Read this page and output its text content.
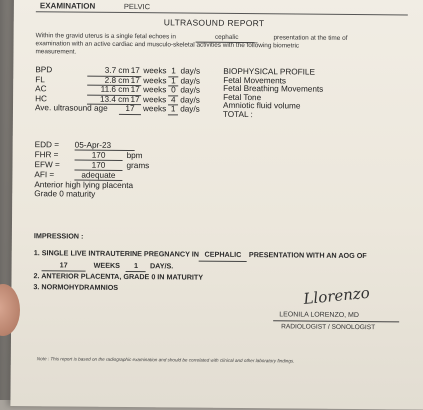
EXAMINATION	PELVIC
ULTRASOUND REPORT
Within the gravid uterus is a single fetal echoes in	cephalic	presentation at the time of
examination with an active cardiac and musculo-skeletal activities with the following biometric
measurement.
BPD	3.7 cm17 weeks 1 day/s
FL	2.8 cm17 weeks 1 day/s
AC	11.6 cm17 weeks 0 day/s
HC	13.4 cm17 weeks 4 day/s
Ave. ultrasound age 17 weeks 1 day/s
BIOPHYSICAL PROFILE
Fetal Movements
Fetal Breathing Movements
Fetal Tone
Amniotic fluid volume
TOTAL :
EDD = 05-Apr-23
FHR =	170	bpm
EFW =	170	grams
AFI =	adequate
Anterior high lying placenta
Grade 0 maturity
IMPRESSION :
1. SINGLE LIVE INTRAUTERINE PREGNANCY IN CEPHALIC PRESENTATION WITH AN AOG OF
17	WEEKS 1 DAY/S.
2. ANTERIOR PLACENTA, GRADE 0 IN MATURITY
3. NORMOHYDRAMNIOS	Llorenzo
LEONILA LORENZO, MD
RADIOLOGIST / SONOLOGIST
Note : This report is based on the radiographic examination and should be correlated with clinical and other laboratory findings.
